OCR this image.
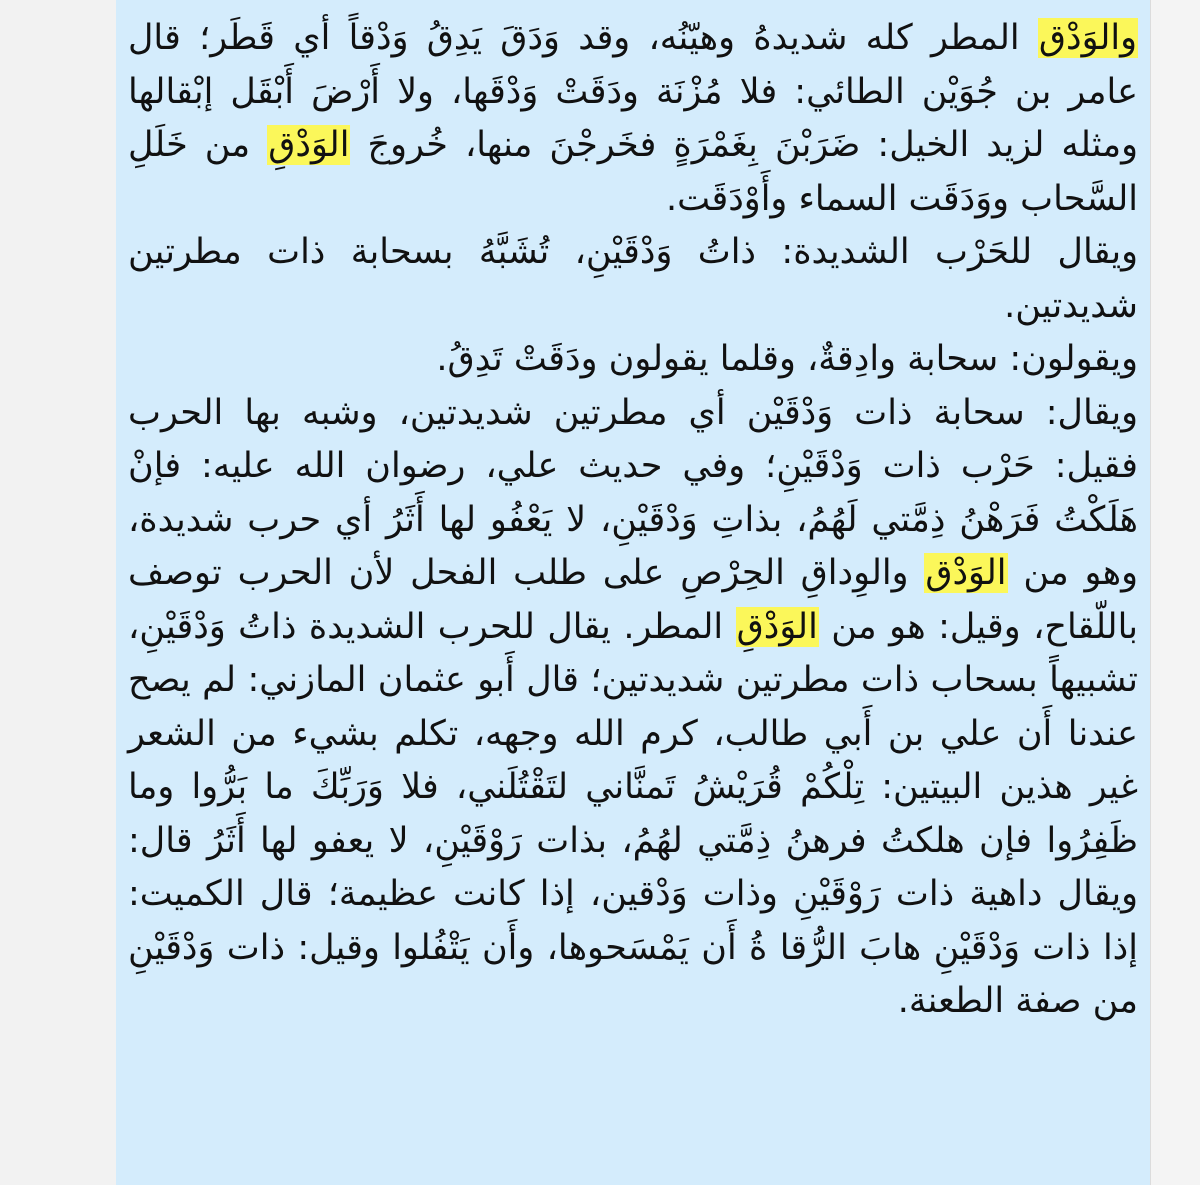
والوَدْق المطر كله شديدهُ وهيّنُه، وقد وَدَقَ يَدِقُ وَدْقاً أي قَطَر؛ قال عامر بن جُوَيْن الطائي: فلا مُزْنَة ودَقَتْ وَدْقَها، ولا أَرْضَ أَبْقَل إبْقالها ومثله لزيد الخيل: ضَرَبْنَ بِغَمْرَةٍ فخَرجْنَ منها، خُروجَ الوَدْقِ من خَلَلِ السَّحاب ووَدَقَت السماء وأَوْدَقَت.

ويقال للحَرْب الشديدة: ذاتُ وَدْقَيْنِ، تُشَبَّهُ بسحابة ذات مطرتين شديدتين.

ويقولون: سحابة وادِقةٌ، وقلما يقولون ودَقَتْ تَدِقُ.

ويقال: سحابة ذات وَدْقَيْن أي مطرتين شديدتين، وشبه بها الحرب فقيل: حَرْب ذات وَدْقَيْنِ؛ وفي حديث علي، رضوان الله عليه: فإنْ هَلَكْتُ فَرَهْنُ ذِمَّتي لَهُمُ، بذاتِ وَدْقَيْنِ، لا يَعْفُو لها أَثَرُ أي حرب شديدة، وهو من الوَدْق والوِداقِ الحِرْصِ على طلب الفحل لأن الحرب توصف باللّقاح، وقيل: هو من الوَدْقِ المطر. يقال للحرب الشديدة ذاتُ وَدْقَيْنِ، تشبيهاً بسحاب ذات مطرتين شديدتين؛ قال أَبو عثمان المازني: لم يصح عندنا أَن علي بن أَبي طالب، كرم الله وجهه، تكلم بشيء من الشعر غير هذين البيتين: تِلْكُمْ قُرَيْشُ تَمنَّاني لتَقْتُلَني، فلا وَرَبِّكَ ما بَرُّوا وما ظَفِرُوا فإن هلكتُ فرهنُ ذِمَّتي لهُمُ، بذات رَوْقَيْنِ، لا يعفو لها أَثَرُ قال: ويقال داهية ذات رَوْقَيْنِ وذات وَدْقين، إذا كانت عظيمة؛ قال الكميت: إذا ذات وَدْقَيْنِ هابَ الرُّقا ةُ أَن يَمْسَحوها، وأَن يَتْفُلوا وقيل: ذات وَدْقَيْنِ من صفة الطعنة.
